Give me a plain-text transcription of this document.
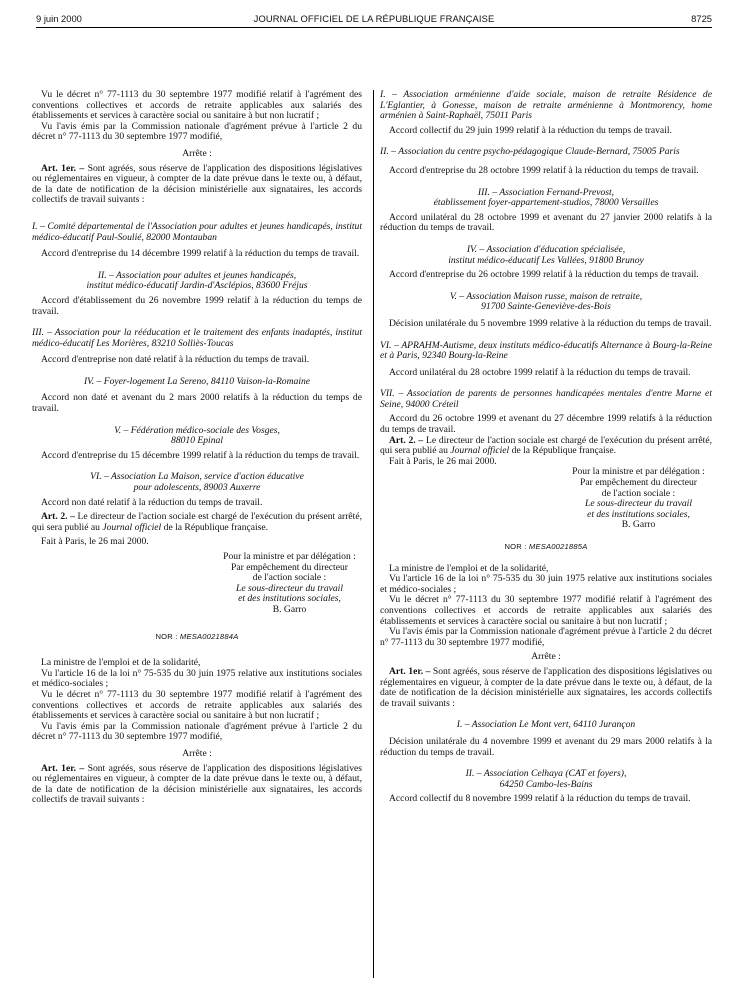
9 juin 2000	JOURNAL OFFICIEL DE LA RÉPUBLIQUE FRANÇAISE	8725

Vu le décret n° 77-1113 du 30 septembre 1977 modifié relatif à l'agrément des conventions collectives et accords de retraite applicables aux salariés des établissements et services à caractère social ou sanitaire à but non lucratif ;

Vu l'avis émis par la Commission nationale d'agrément prévue à l'article 2 du décret n° 77-1113 du 30 septembre 1977 modifié,

Arrête :

Art. 1er. – Sont agréés, sous réserve de l'application des dispositions législatives ou réglementaires en vigueur, à compter de la date prévue dans le texte ou, à défaut, de la date de notification de la décision ministérielle aux signataires, les accords collectifs de travail suivants :

I. – Comité départemental de l'Association pour adultes et jeunes handicapés, institut médico-éducatif Paul-Soulié, 82000 Montauban

Accord d'entreprise du 14 décembre 1999 relatif à la réduction du temps de travail.

II. – Association pour adultes et jeunes handicapés,

institut médico-éducatif Jardin-d'Asclépios, 83600 Fréjus

Accord d'établissement du 26 novembre 1999 relatif à la réduction du temps de travail.

III. – Association pour la rééducation et le traitement des enfants inadaptés, institut médico-éducatif Les Morières, 83210 Solliès-Toucas

Accord d'entreprise non daté relatif à la réduction du temps de travail.

IV. – Foyer-logement La Sereno, 84110 Vaison-la-Romaine

Accord non daté et avenant du 2 mars 2000 relatifs à la réduction du temps de travail.

V. – Fédération médico-sociale des Vosges,

88010 Epinal

Accord d'entreprise du 15 décembre 1999 relatif à la réduction du temps de travail.

VI. – Association La Maison, service d'action éducative

pour adolescents, 89003 Auxerre

Accord non daté relatif à la réduction du temps de travail.

Art. 2. – Le directeur de l'action sociale est chargé de l'exécution du présent arrêté, qui sera publié au Journal officiel de la République française.

Fait à Paris, le 26 mai 2000.

Pour la ministre et par délégation :

Par empêchement du directeur

de l'action sociale :

Le sous-directeur du travail

et des institutions sociales,

B. Garro

NOR : MESA0021884A

La ministre de l'emploi et de la solidarité,

Vu l'article 16 de la loi n° 75-535 du 30 juin 1975 relative aux institutions sociales et médico-sociales ;

Vu le décret n° 77-1113 du 30 septembre 1977 modifié relatif à l'agrément des conventions collectives et accords de retraite applicables aux salariés des établissements et services à caractère social ou sanitaire à but non lucratif ;

Vu l'avis émis par la Commission nationale d'agrément prévue à l'article 2 du décret n° 77-1113 du 30 septembre 1977 modifié,

Arrête :

Art. 1er. – Sont agréés, sous réserve de l'application des dispositions législatives ou réglementaires en vigueur, à compter de la date prévue dans le texte ou, à défaut, de la date de notification de la décision ministérielle aux signataires, les accords collectifs de travail suivants :

I. – Association arménienne d'aide sociale, maison de retraite Résidence de L'Eglantier, à Gonesse, maison de retraite arménienne à Montmorency, home arménien à Saint-Raphaël, 75011 Paris

Accord collectif du 29 juin 1999 relatif à la réduction du temps de travail.

II. – Association du centre psycho-pédagogique Claude-Bernard, 75005 Paris

Accord d'entreprise du 28 octobre 1999 relatif à la réduction du temps de travail.

III. – Association Fernand-Prevost,

établissement foyer-appartement-studios, 78000 Versailles

Accord unilatéral du 28 octobre 1999 et avenant du 27 janvier 2000 relatifs à la réduction du temps de travail.

IV. – Association d'éducation spécialisée,

institut médico-éducatif Les Vallées, 91800 Brunoy

Accord d'entreprise du 26 octobre 1999 relatif à la réduction du temps de travail.

V. – Association Maison russe, maison de retraite,

91700 Sainte-Geneviève-des-Bois

Décision unilatérale du 5 novembre 1999 relative à la réduction du temps de travail.

VI. – APRAHM-Autisme, deux instituts médico-éducatifs Alternance à Bourg-la-Reine et à Paris, 92340 Bourg-la-Reine

Accord unilatéral du 28 octobre 1999 relatif à la réduction du temps de travail.

VII. – Association de parents de personnes handicapées mentales d'entre Marne et Seine, 94000 Créteil

Accord du 26 octobre 1999 et avenant du 27 décembre 1999 relatifs à la réduction du temps de travail.

Art. 2. – Le directeur de l'action sociale est chargé de l'exécution du présent arrêté, qui sera publié au Journal officiel de la République française.

Fait à Paris, le 26 mai 2000.

Pour la ministre et par délégation :

Par empêchement du directeur

de l'action sociale :

Le sous-directeur du travail

et des institutions sociales,

B. Garro

NOR : MESA0021885A

La ministre de l'emploi et de la solidarité,

Vu l'article 16 de la loi n° 75-535 du 30 juin 1975 relative aux institutions sociales et médico-sociales ;

Vu le décret n° 77-1113 du 30 septembre 1977 modifié relatif à l'agrément des conventions collectives et accords de retraite applicables aux salariés des établissements et services à caractère social ou sanitaire à but non lucratif ;

Vu l'avis émis par la Commission nationale d'agrément prévue à l'article 2 du décret n° 77-1113 du 30 septembre 1977 modifié,

Arrête :

Art. 1er. – Sont agréés, sous réserve de l'application des dispositions législatives ou réglementaires en vigueur, à compter de la date prévue dans le texte ou, à défaut, de la date de notification de la décision ministérielle aux signataires, les accords collectifs de travail suivants :

I. – Association Le Mont vert, 64110 Jurançon

Décision unilatérale du 4 novembre 1999 et avenant du 29 mars 2000 relatifs à la réduction du temps de travail.

II. – Association Celhaya (CAT et foyers),

64250 Cambo-les-Bains

Accord collectif du 8 novembre 1999 relatif à la réduction du temps de travail.
